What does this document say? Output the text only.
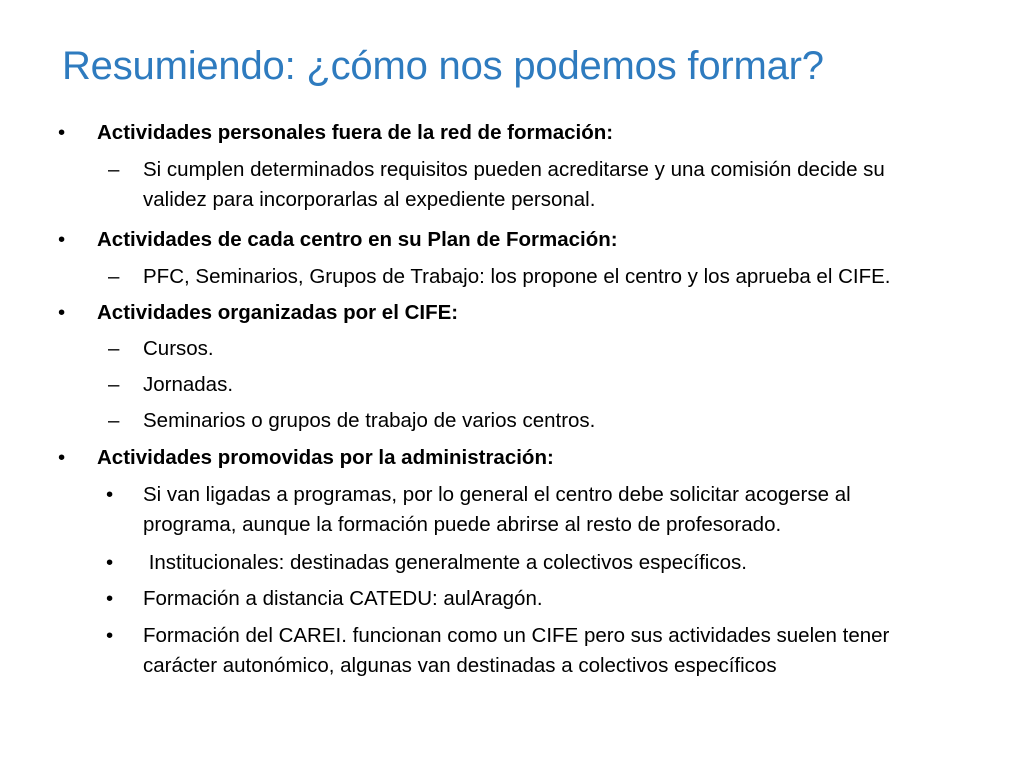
Resumiendo: ¿cómo nos podemos formar?
• Actividades personales fuera de la red de formación:
– Si cumplen determinados requisitos pueden acreditarse y una comisión decide su
validez para incorporarlas al expediente personal.
• Actividades de cada centro en su Plan de Formación:
– PFC, Seminarios, Grupos de Trabajo: los propone el centro y los aprueba el CIFE.
• Actividades organizadas por el CIFE:
– Cursos.
– Jornadas.
– Seminarios o grupos de trabajo de varios centros.
• Actividades promovidas por la administración:
• Si van ligadas a programas, por lo general el centro debe solicitar acogerse al
programa, aunque la formación puede abrirse al resto de profesorado.
• Institucionales: destinadas generalmente a colectivos específicos.
• Formación a distancia CATEDU: aulAragón.
• Formación del CAREI. funcionan como un CIFE pero sus actividades suelen tener
carácter autonómico, algunas van destinadas a colectivos específicos
